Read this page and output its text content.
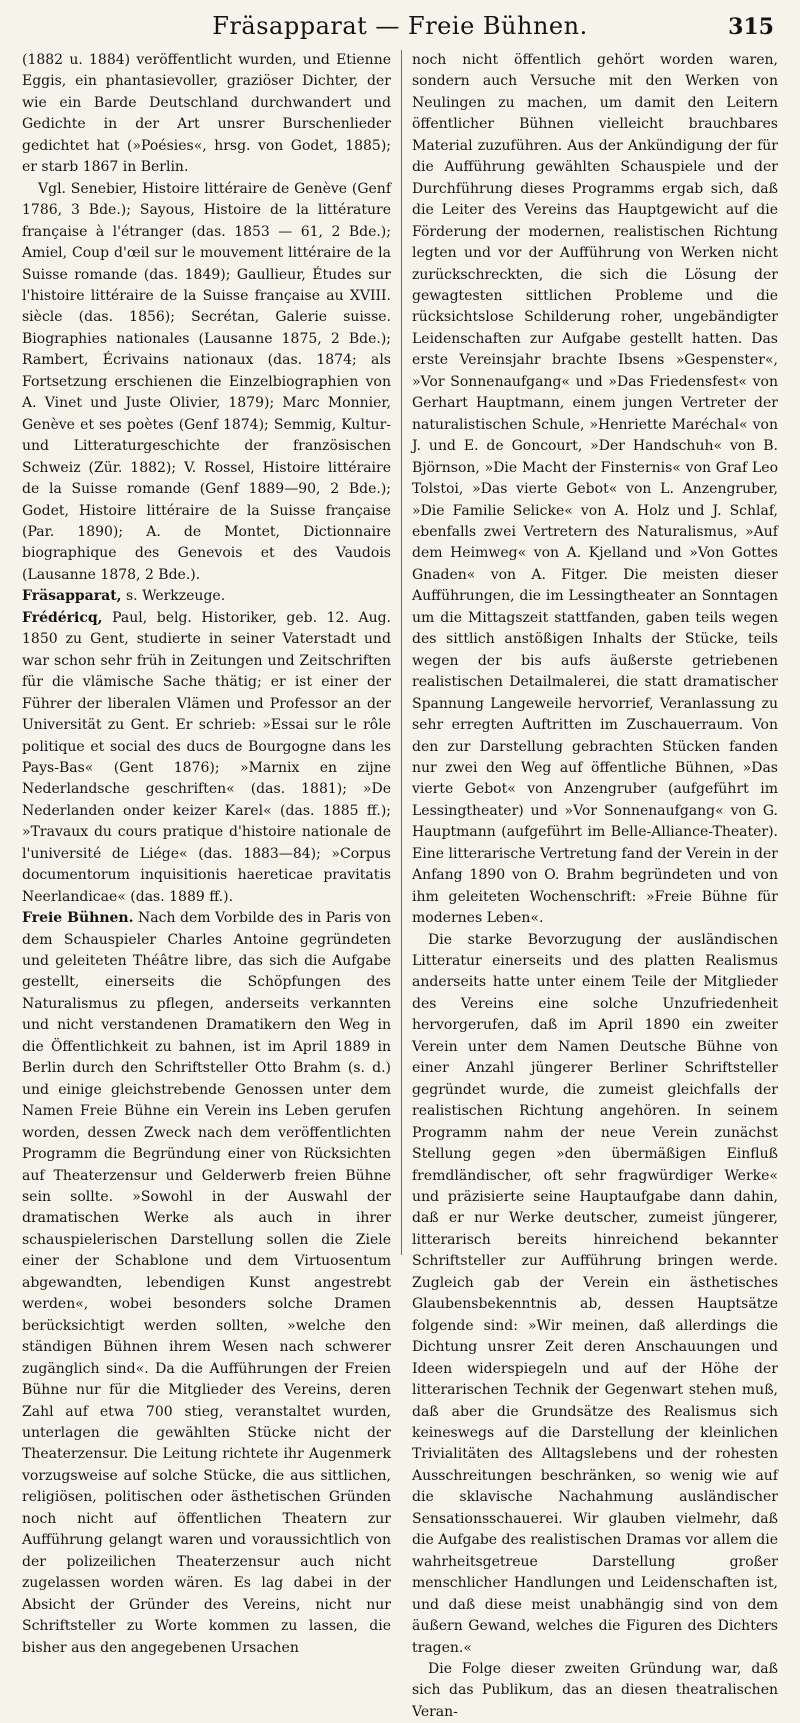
Fräsapparat — Freie Bühnen.	315

(1882 u. 1884) veröffentlicht wurden, und Etienne Eggis, ein phantasievoller, graziöser Dichter, der wie ein Barde Deutschland durchwandert und Gedichte in der Art unsrer Burschenlieder gedichtet hat (»Poésies«, hrsg. von Godet, 1885); er starb 1867 in Berlin.

Vgl. Senebier, Histoire littéraire de Genève (Genf 1786, 3 Bde.); Sayous, Histoire de la littérature française à l'étranger (das. 1853 — 61, 2 Bde.); Amiel, Coup d'œil sur le mouvement littéraire de la Suisse romande (das. 1849); Gaullieur, Études sur l'histoire littéraire de la Suisse française au XVIII. siècle (das. 1856); Secrétan, Galerie suisse. Biographies nationales (Lausanne 1875, 2 Bde.); Rambert, Écrivains nationaux (das. 1874; als Fortsetzung erschienen die Einzelbiographien von A. Vinet und Juste Olivier, 1879); Marc Monnier, Genève et ses poètes (Genf 1874); Semmig, Kultur- und Litteraturgeschichte der französischen Schweiz (Zür. 1882); V. Rossel, Histoire littéraire de la Suisse romande (Genf 1889—90, 2 Bde.); Godet, Histoire littéraire de la Suisse française (Par. 1890); A. de Montet, Dictionnaire biographique des Genevois et des Vaudois (Lausanne 1878, 2 Bde.).

Fräsapparat, s. Werkzeuge.

Frédéricq, Paul, belg. Historiker, geb. 12. Aug. 1850 zu Gent, studierte in seiner Vaterstadt und war schon sehr früh in Zeitungen und Zeitschriften für die vlämische Sache thätig; er ist einer der Führer der liberalen Vlämen und Professor an der Universität zu Gent. Er schrieb: »Essai sur le rôle politique et social des ducs de Bourgogne dans les Pays-Bas« (Gent 1876); »Marnix en zijne Nederlandsche geschriften« (das. 1881); »De Nederlanden onder keizer Karel« (das. 1885 ff.); »Travaux du cours pratique d'histoire nationale de l'université de Liége« (das. 1883—84); »Corpus documentorum inquisitionis haereticae pravitatis Neerlandicae« (das. 1889 ff.).

Freie Bühnen. Nach dem Vorbilde des in Paris von dem Schauspieler Charles Antoine gegründeten und geleiteten Théâtre libre, das sich die Aufgabe gestellt, einerseits die Schöpfungen des Naturalismus zu pflegen, anderseits verkannten und nicht verstandenen Dramatikern den Weg in die Öffentlichkeit zu bahnen, ist im April 1889 in Berlin durch den Schriftsteller Otto Brahm (s. d.) und einige gleichstrebende Genossen unter dem Namen Freie Bühne ein Verein ins Leben gerufen worden, dessen Zweck nach dem veröffentlichten Programm die Begründung einer von Rücksichten auf Theaterzensur und Gelderwerb freien Bühne sein sollte. »Sowohl in der Auswahl der dramatischen Werke als auch in ihrer schauspielerischen Darstellung sollen die Ziele einer der Schablone und dem Virtuosentum abgewandten, lebendigen Kunst angestrebt werden«, wobei besonders solche Dramen berücksichtigt werden sollten, »welche den ständigen Bühnen ihrem Wesen nach schwerer zugänglich sind«. Da die Aufführungen der Freien Bühne nur für die Mitglieder des Vereins, deren Zahl auf etwa 700 stieg, veranstaltet wurden, unterlagen die gewählten Stücke nicht der Theaterzensur. Die Leitung richtete ihr Augenmerk vorzugsweise auf solche Stücke, die aus sittlichen, religiösen, politischen oder ästhetischen Gründen noch nicht auf öffentlichen Theatern zur Aufführung gelangt waren und voraussichtlich von der polizeilichen Theaterzensur auch nicht zugelassen worden wären. Es lag dabei in der Absicht der Gründer des Vereins, nicht nur Schriftsteller zu Worte kommen zu lassen, die bisher aus den angegebenen Ursachen

noch nicht öffentlich gehört worden waren, sondern auch Versuche mit den Werken von Neulingen zu machen, um damit den Leitern öffentlicher Bühnen vielleicht brauchbares Material zuzuführen. Aus der Ankündigung der für die Aufführung gewählten Schauspiele und der Durchführung dieses Programms ergab sich, daß die Leiter des Vereins das Hauptgewicht auf die Förderung der modernen, realistischen Richtung legten und vor der Aufführung von Werken nicht zurückschreckten, die sich die Lösung der gewagtesten sittlichen Probleme und die rücksichtslose Schilderung roher, ungebändigter Leidenschaften zur Aufgabe gestellt hatten. Das erste Vereinsjahr brachte Ibsens »Gespenster«, »Vor Sonnenaufgang« und »Das Friedensfest« von Gerhart Hauptmann, einem jungen Vertreter der naturalistischen Schule, »Henriette Maréchal« von J. und E. de Goncourt, »Der Handschuh« von B. Björnson, »Die Macht der Finsternis« von Graf Leo Tolstoi, »Das vierte Gebot« von L. Anzengruber, »Die Familie Selicke« von A. Holz und J. Schlaf, ebenfalls zwei Vertretern des Naturalismus, »Auf dem Heimweg« von A. Kjelland und »Von Gottes Gnaden« von A. Fitger. Die meisten dieser Aufführungen, die im Lessingtheater an Sonntagen um die Mittagszeit stattfanden, gaben teils wegen des sittlich anstößigen Inhalts der Stücke, teils wegen der bis aufs äußerste getriebenen realistischen Detailmalerei, die statt dramatischer Spannung Langeweile hervorrief, Veranlassung zu sehr erregten Auftritten im Zuschauerraum. Von den zur Darstellung gebrachten Stücken fanden nur zwei den Weg auf öffentliche Bühnen, »Das vierte Gebot« von Anzengruber (aufgeführt im Lessingtheater) und »Vor Sonnenaufgang« von G. Hauptmann (aufgeführt im Belle-Alliance-Theater). Eine litterarische Vertretung fand der Verein in der Anfang 1890 von O. Brahm begründeten und von ihm geleiteten Wochenschrift: »Freie Bühne für modernes Leben«.

Die starke Bevorzugung der ausländischen Litteratur einerseits und des platten Realismus anderseits hatte unter einem Teile der Mitglieder des Vereins eine solche Unzufriedenheit hervorgerufen, daß im April 1890 ein zweiter Verein unter dem Namen Deutsche Bühne von einer Anzahl jüngerer Berliner Schriftsteller gegründet wurde, die zumeist gleichfalls der realistischen Richtung angehören. In seinem Programm nahm der neue Verein zunächst Stellung gegen »den übermäßigen Einfluß fremdländischer, oft sehr fragwürdiger Werke« und präzisierte seine Hauptaufgabe dann dahin, daß er nur Werke deutscher, zumeist jüngerer, litterarisch bereits hinreichend bekannter Schriftsteller zur Aufführung bringen werde. Zugleich gab der Verein ein ästhetisches Glaubensbekenntnis ab, dessen Hauptsätze folgende sind: »Wir meinen, daß allerdings die Dichtung unsrer Zeit deren Anschauungen und Ideen widerspiegeln und auf der Höhe der litterarischen Technik der Gegenwart stehen muß, daß aber die Grundsätze des Realismus sich keineswegs auf die Darstellung der kleinlichen Trivialitäten des Alltagslebens und der rohesten Ausschreitungen beschränken, so wenig wie auf die sklavische Nachahmung ausländischer Sensationsschauerei. Wir glauben vielmehr, daß die Aufgabe des realistischen Dramas vor allem die wahrheitsgetreue Darstellung großer menschlicher Handlungen und Leidenschaften ist, und daß diese meist unabhängig sind von dem äußern Gewand, welches die Figuren des Dichters tragen.«

Die Folge dieser zweiten Gründung war, daß sich das Publikum, das an diesen theatralischen Veran-
